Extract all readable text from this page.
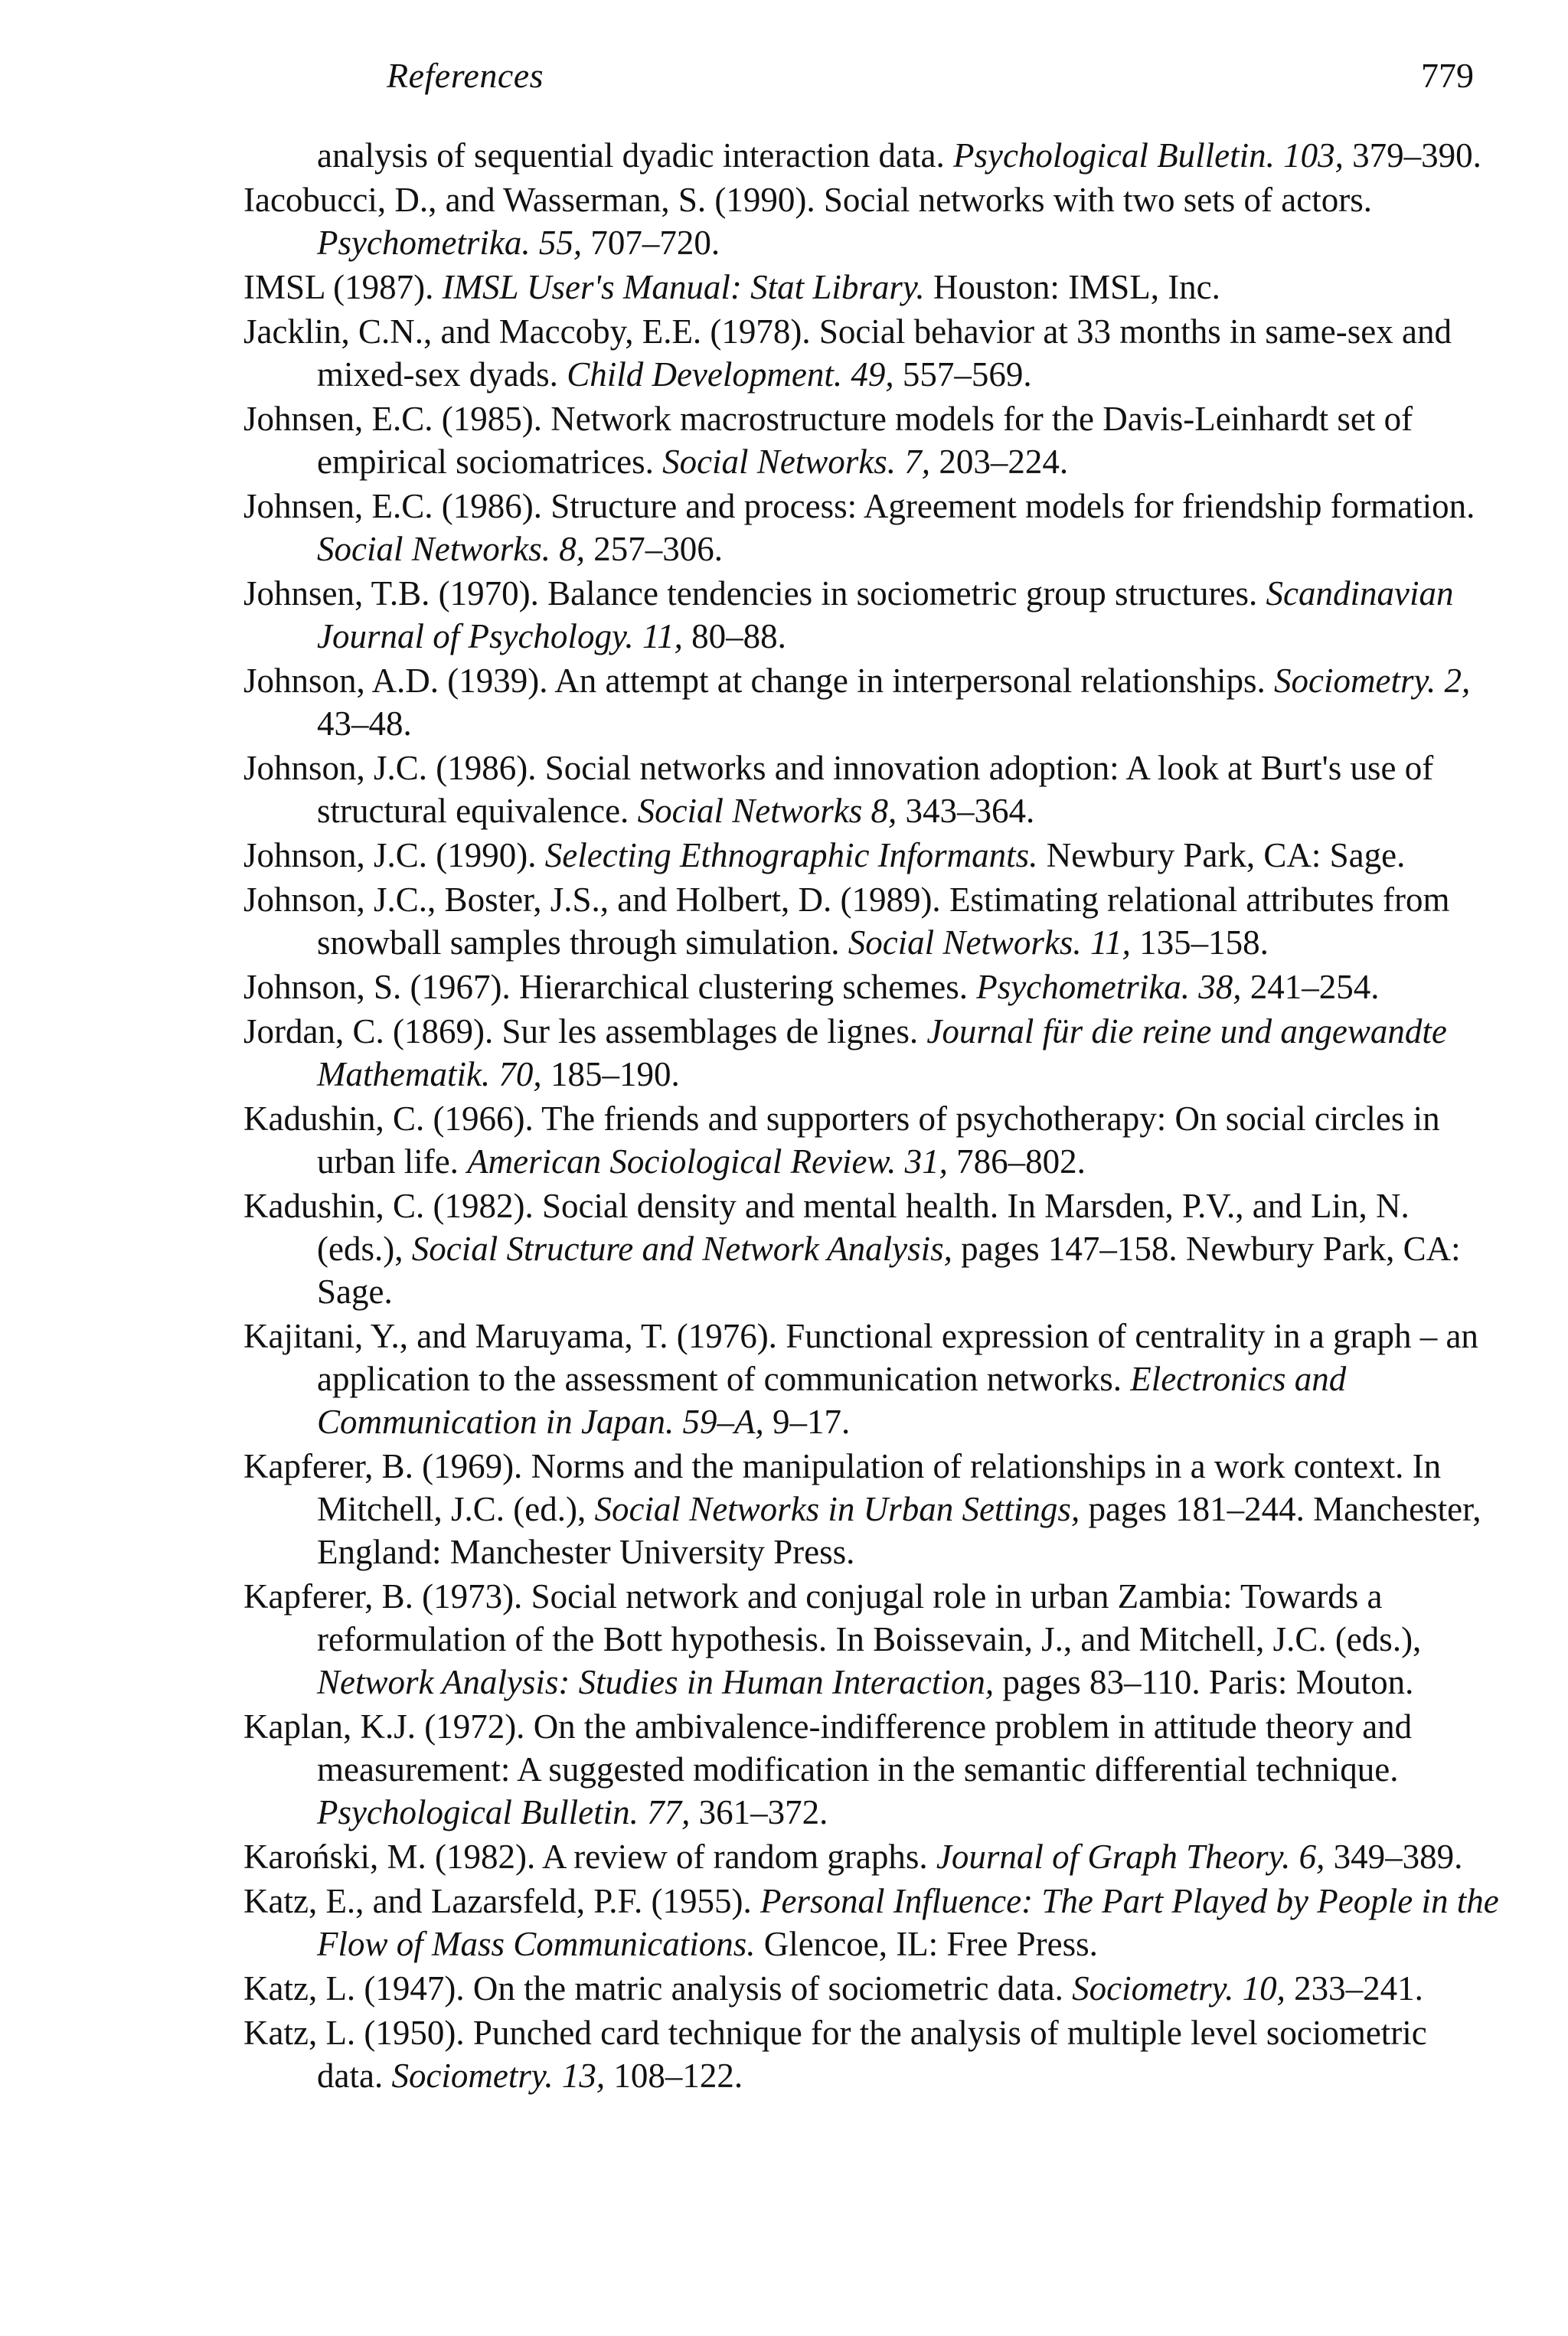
References	779
analysis of sequential dyadic interaction data. Psychological Bulletin. 103, 379–390.
Iacobucci, D., and Wasserman, S. (1990). Social networks with two sets of actors. Psychometrika. 55, 707–720.
IMSL (1987). IMSL User's Manual: Stat Library. Houston: IMSL, Inc.
Jacklin, C.N., and Maccoby, E.E. (1978). Social behavior at 33 months in same-sex and mixed-sex dyads. Child Development. 49, 557–569.
Johnsen, E.C. (1985). Network macrostructure models for the Davis-Leinhardt set of empirical sociomatrices. Social Networks. 7, 203–224.
Johnsen, E.C. (1986). Structure and process: Agreement models for friendship formation. Social Networks. 8, 257–306.
Johnsen, T.B. (1970). Balance tendencies in sociometric group structures. Scandinavian Journal of Psychology. 11, 80–88.
Johnson, A.D. (1939). An attempt at change in interpersonal relationships. Sociometry. 2, 43–48.
Johnson, J.C. (1986). Social networks and innovation adoption: A look at Burt's use of structural equivalence. Social Networks 8, 343–364.
Johnson, J.C. (1990). Selecting Ethnographic Informants. Newbury Park, CA: Sage.
Johnson, J.C., Boster, J.S., and Holbert, D. (1989). Estimating relational attributes from snowball samples through simulation. Social Networks. 11, 135–158.
Johnson, S. (1967). Hierarchical clustering schemes. Psychometrika. 38, 241–254.
Jordan, C. (1869). Sur les assemblages de lignes. Journal für die reine und angewandte Mathematik. 70, 185–190.
Kadushin, C. (1966). The friends and supporters of psychotherapy: On social circles in urban life. American Sociological Review. 31, 786–802.
Kadushin, C. (1982). Social density and mental health. In Marsden, P.V., and Lin, N. (eds.), Social Structure and Network Analysis, pages 147–158. Newbury Park, CA: Sage.
Kajitani, Y., and Maruyama, T. (1976). Functional expression of centrality in a graph – an application to the assessment of communication networks. Electronics and Communication in Japan. 59–A, 9–17.
Kapferer, B. (1969). Norms and the manipulation of relationships in a work context. In Mitchell, J.C. (ed.), Social Networks in Urban Settings, pages 181–244. Manchester, England: Manchester University Press.
Kapferer, B. (1973). Social network and conjugal role in urban Zambia: Towards a reformulation of the Bott hypothesis. In Boissevain, J., and Mitchell, J.C. (eds.), Network Analysis: Studies in Human Interaction, pages 83–110. Paris: Mouton.
Kaplan, K.J. (1972). On the ambivalence-indifference problem in attitude theory and measurement: A suggested modification in the semantic differential technique. Psychological Bulletin. 77, 361–372.
Karoński, M. (1982). A review of random graphs. Journal of Graph Theory. 6, 349–389.
Katz, E., and Lazarsfeld, P.F. (1955). Personal Influence: The Part Played by People in the Flow of Mass Communications. Glencoe, IL: Free Press.
Katz, L. (1947). On the matric analysis of sociometric data. Sociometry. 10, 233–241.
Katz, L. (1950). Punched card technique for the analysis of multiple level sociometric data. Sociometry. 13, 108–122.
